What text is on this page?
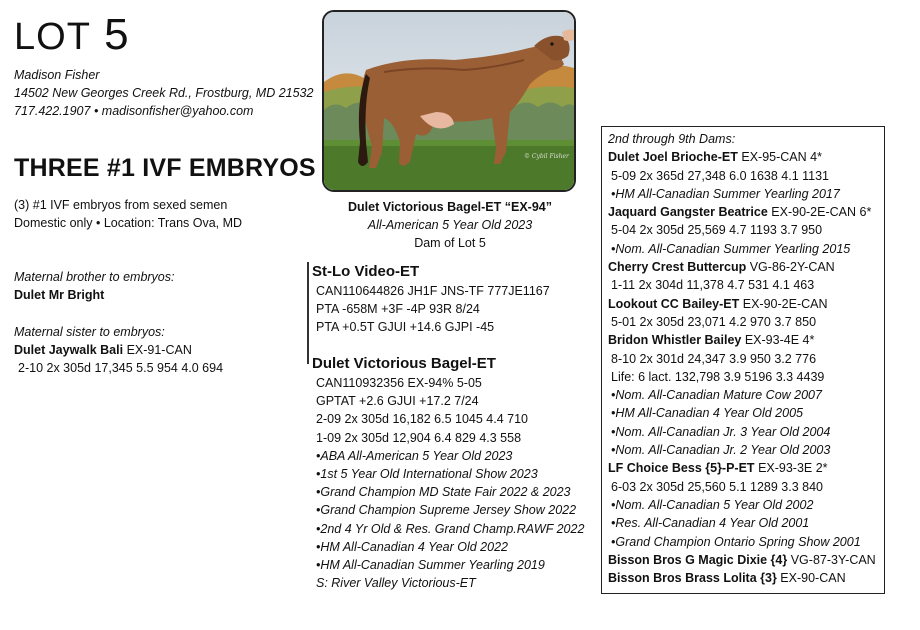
LOT 5
Madison Fisher
14502 New Georges Creek Rd., Frostburg, MD 21532
717.422.1907 • madisonfisher@yahoo.com
THREE #1 IVF EMBRYOS
(3) #1 IVF embryos from sexed semen
Domestic only • Location: Trans Ova, MD
Maternal brother to embryos:
Dulet Mr Bright
Maternal sister to embryos:
Dulet Jaywalk Bali EX-91-CAN
2-10 2x 305d 17,345 5.5 954 4.0 694
© Cybil Fisher
Dulet Victorious Bagel-ET “EX-94”
All-American 5 Year Old 2023
Dam of Lot 5
St-Lo Video-ET
CAN110644826 JH1F JNS-TF 777JE1167
PTA -658M +3F -4P 93R 8/24
PTA +0.5T GJUI +14.6 GJPI -45
Dulet Victorious Bagel-ET
CAN110932356 EX-94% 5-05
GPTAT +2.6 GJUI +17.2 7/24
2-09 2x 305d 16,182 6.5 1045 4.4 710
1-09 2x 305d 12,904 6.4 829 4.3 558
•ABA All-American 5 Year Old 2023
•1st 5 Year Old International Show 2023
•Grand Champion MD State Fair 2022 & 2023
•Grand Champion Supreme Jersey Show 2022
•2nd 4 Yr Old & Res. Grand Champ.RAWF 2022
•HM All-Canadian 4 Year Old 2022
•HM All-Canadian Summer Yearling 2019
S: River Valley Victorious-ET
2nd through 9th Dams:
Dulet Joel Brioche-ET EX-95-CAN 4*
5-09 2x 365d 27,348 6.0 1638 4.1 1131
•HM All-Canadian Summer Yearling 2017
Jaquard Gangster Beatrice EX-90-2E-CAN 6*
5-04 2x 305d 25,569 4.7 1193 3.7 950
•Nom. All-Canadian Summer Yearling 2015
Cherry Crest Buttercup VG-86-2Y-CAN
1-11 2x 304d 11,378 4.7 531 4.1 463
Lookout CC Bailey-ET EX-90-2E-CAN
5-01 2x 305d 23,071 4.2 970 3.7 850
Bridon Whistler Bailey EX-93-4E 4*
8-10 2x 301d 24,347 3.9 950 3.2 776
Life: 6 lact. 132,798 3.9 5196 3.3 4439
•Nom. All-Canadian Mature Cow 2007
•HM All-Canadian 4 Year Old 2005
•Nom. All-Canadian Jr. 3 Year Old 2004
•Nom. All-Canadian Jr. 2 Year Old 2003
LF Choice Bess {5}-P-ET EX-93-3E 2*
6-03 2x 305d 25,560 5.1 1289 3.3 840
•Nom. All-Canadian 5 Year Old 2002
•Res. All-Canadian 4 Year Old 2001
•Grand Champion Ontario Spring Show 2001
Bisson Bros G Magic Dixie {4} VG-87-3Y-CAN
Bisson Bros Brass Lolita {3} EX-90-CAN
